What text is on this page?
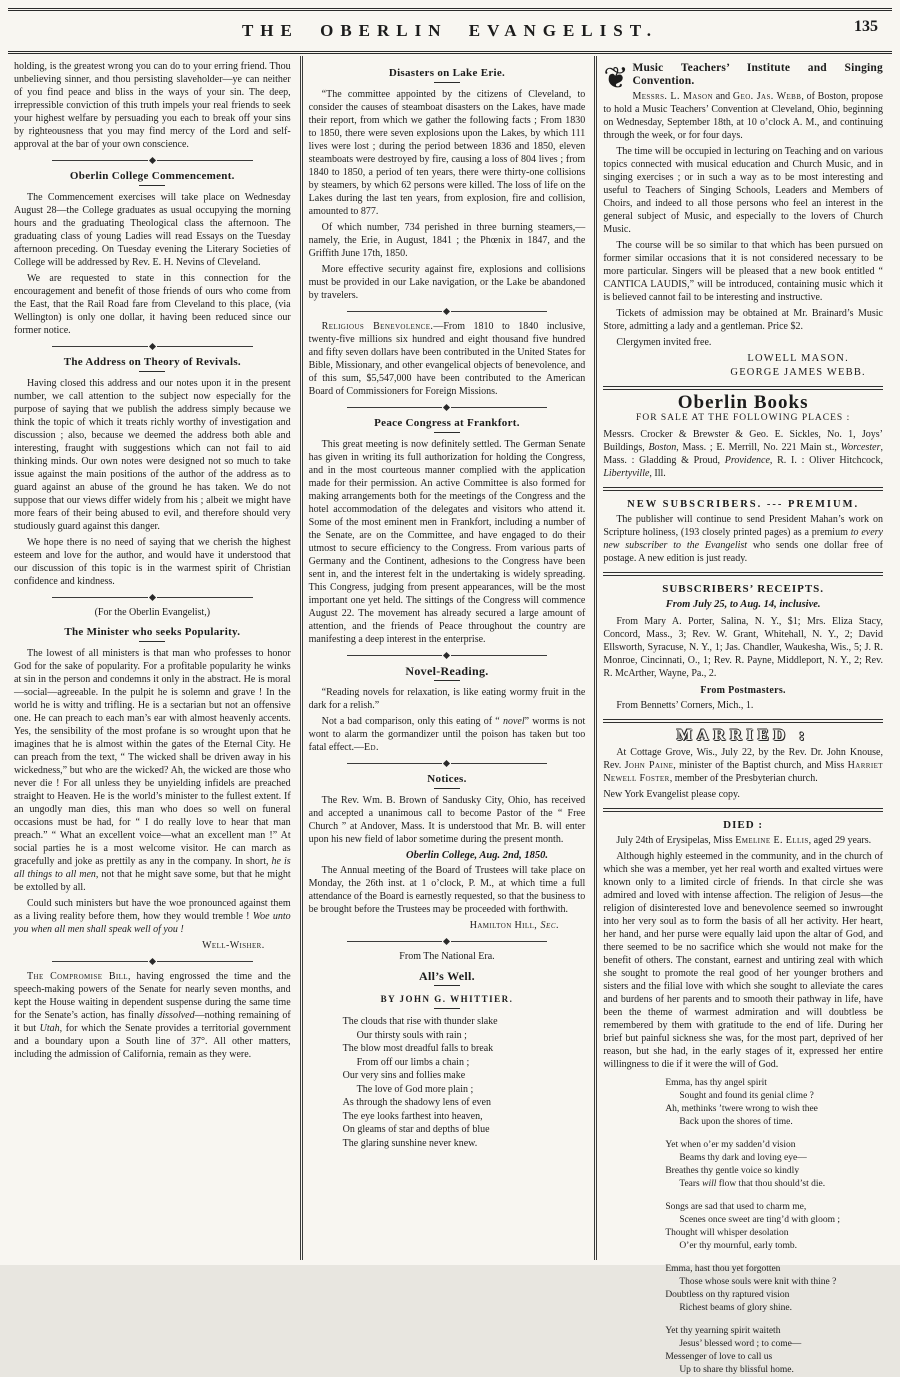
THE OBERLIN EVANGELIST.	135

holding, is the greatest wrong you can do to your erring friend. Thou unbelieving sinner, and thou persisting slaveholder—ye can neither of you find peace and bliss in the ways of your sin. The deep, irrepressible conviction of this truth impels your real friends to seek your highest welfare by persuading you each to break off your sins by righteousness that you may find mercy of the Lord and self-approval at the bar of your own conscience.

Oberlin College Commencement.

The Commencement exercises will take place on Wednesday August 28—the College graduates as usual occupying the morning hours and the graduating Theological class the afternoon. The graduating class of young Ladies will read Essays on the Tuesday afternoon preceding. On Tuesday evening the Literary Societies of College will be addressed by Rev. E. H. Nevins of Cleveland.

We are requested to state in this connection for the encouragement and benefit of those friends of ours who come from the East, that the Rail Road fare from Cleveland to this place, (via Wellington) is only one dollar, it having been reduced since our former notice.

The Address on Theory of Revivals.

Having closed this address and our notes upon it in the present number, we call attention to the subject now especially for the purpose of saying that we publish the address simply because we think the topic of which it treats richly worthy of investigation and discussion ; also, because we deemed the address both able and interesting, fraught with suggestions which can not fail to aid thinking minds. Our own notes were designed not so much to take issue against the main positions of the author of the address as to guard against an abuse of the ground he has taken. We do not suppose that our views differ widely from his ; albeit we might have more fears of their being abused to evil, and therefore should very studiously guard against this danger.

We hope there is no need of saying that we cherish the highest esteem and love for the author, and would have it understood that our discussion of this topic is in the warmest spirit of Christian confidence and kindness.

(For the Oberlin Evangelist,)
The Minister who seeks Popularity.

The lowest of all ministers is that man who professes to honor God for the sake of popularity. For a profitable popularity he winks at sin in the person and condemns it only in the abstract. He is moral—social—agreeable. In the pulpit he is solemn and grave ! In the world he is witty and trifling. He is a sectarian but not an offensive one. He can preach to each man’s ear with almost heavenly accents. Yes, the sensibility of the most profane is so wrought upon that he imagines that he is almost within the gates of the Eternal City. He can preach from the text, “ The wicked shall be driven away in his wickedness,” but who are the wicked? Ah, the wicked are those who never die ! For all unless they be unyielding infidels are preached straight to Heaven. He is the world’s minister to the fullest extent. If an ungodly man dies, this man who does so well on funeral occasions must be had, for “ I do really love to hear that man preach.” “ What an excellent voice—what an excellent man !” At social parties he is a most welcome visitor. He can march as gracefully and joke as prettily as any in the company. In short, he is all things to all men, not that he might save some, but that he might be extolled by all.

Could such ministers but have the woe pronounced against them as a living reality before them, how they would tremble ! Woe unto you when all men shall speak well of you !

Well-Wisher.

The Compromise Bill, having engrossed the time and the speech-making powers of the Senate for nearly seven months, and kept the House waiting in dependent suspense during the same time for the Senate’s action, has finally dissolved—nothing remaining of it but Utah, for which the Senate provides a territorial government and a boundary upon a South line of 37°. All other matters, including the admission of California, remain as they were.

Disasters on Lake Erie.

“The committee appointed by the citizens of Cleveland, to consider the causes of steamboat disasters on the Lakes, have made their report, from which we gather the following facts ; From 1830 to 1850, there were seven explosions upon the Lakes, by which 111 lives were lost ; during the period between 1836 and 1850, eleven steamboats were destroyed by fire, causing a loss of 804 lives ; from 1840 to 1850, a period of ten years, there were thirty-one collisions by steamers, by which 62 persons were killed. The loss of life on the Lakes during the last ten years, from explosion, fire and collision, amounted to 877.

Of which number, 734 perished in three burning steamers,—namely, the Erie, in August, 1841 ; the Phœnix in 1847, and the Griffith June 17th, 1850.

More effective security against fire, explosions and collisions must be provided in our Lake navigation, or the Lake be abandoned by travelers.

Religious Benevolence.—From 1810 to 1840 inclusive, twenty-five millions six hundred and eight thousand five hundred and fifty seven dollars have been contributed in the United States for Bible, Missionary, and other evangelical objects of benevolence, and of this sum, $5,547,000 have been contributed to the American Board of Commissioners for Foreign Missions.

Peace Congress at Frankfort.

This great meeting is now definitely settled. The German Senate has given in writing its full authorization for holding the Congress, and in the most courteous manner complied with the application made for their permission. An active Committee is also formed for making arrangements both for the meetings of the Congress and the hotel accommodation of the delegates and visitors who attend it. Some of the most eminent men in Frankfort, including a number of the Senate, are on the Committee, and have engaged to do their utmost to secure efficiency to the Congress. From various parts of Germany and the Continent, adhesions to the Congress have been sent in, and the interest felt in the undertaking is widely spreading. This Congress, judging from present appearances, will be the most important one yet held. The sittings of the Congress will commence August 22. The movement has already secured a large amount of attention, and the friends of Peace throughout the country are manifesting a deep interest in the enterprise.

Novel-Reading.

“Reading novels for relaxation, is like eating wormy fruit in the dark for a relish.”

Not a bad comparison, only this eating of “ novel” worms is not wont to alarm the gormandizer until the poison has taken but too fatal effect.—Ed.

Notices.

The Rev. Wm. B. Brown of Sandusky City, Ohio, has received and accepted a unanimous call to become Pastor of the “ Free Church ” at Andover, Mass. It is understood that Mr. B. will enter upon his new field of labor sometime during the present month.

Oberlin College, Aug. 2nd, 1850.

The Annual meeting of the Board of Trustees will take place on Monday, the 26th inst. at 1 o’clock, P. M., at which time a full attendance of the Board is earnestly requested, so that the business to be brought before the Trustees may be proceeded with forthwith.

Hamilton Hill, Sec.

From The National Era.
All’s Well.
BY JOHN G. WHITTIER.
The clouds that rise with thunder slake
Our thirsty souls with rain ;
The blow most dreadful falls to break
From off our limbs a chain ;
Our very sins and follies make
The love of God more plain ;
As through the shadowy lens of even
The eye looks farthest into heaven,
On gleams of star and depths of blue
The glaring sunshine never knew.
❦ Music Teachers’ Institute and Singing Convention.

Messrs. L. Mason and Geo. Jas. Webb, of Boston, propose to hold a Music Teachers’ Convention at Cleveland, Ohio, beginning on Wednesday, September 18th, at 10 o’clock A. M., and continuing through the week, or for four days.

The time will be occupied in lecturing on Teaching and on various topics connected with musical education and Church Music, and in singing exercises ; or in such a way as to be most interesting and useful to Teachers of Singing Schools, Leaders and Members of Choirs, and indeed to all those persons who feel an interest in the general subject of Music, and especially to the lovers of Church Music.

The course will be so similar to that which has been pursued on former similar occasions that it is not considered necessary to be more particular. Singers will be pleased that a new book entitled “ CANTICA LAUDIS,” will be introduced, containing music which it is believed cannot fail to be interesting and instructive.

Tickets of admission may be obtained at Mr. Brainard’s Music Store, admitting a lady and a gentleman. Price $2.

Clergymen invited free.

LOWELL MASON.

GEORGE JAMES WEBB.

Oberlin Books
FOR SALE AT THE FOLLOWING PLACES :

Messrs. Crocker & Brewster & Geo. E. Sickles, No. 1, Joys’ Buildings, Boston, Mass. ; E. Merrill, No. 221 Main st., Worcester, Mass. : Gladding & Proud, Providence, R. I. : Oliver Hitchcock, Libertyville, Ill.

NEW SUBSCRIBERS. --- PREMIUM.

The publisher will continue to send President Mahan’s work on Scripture holiness, (193 closely printed pages) as a premium to every new subscriber to the Evangelist who sends one dollar free of postage. A new edition is just ready.

SUBSCRIBERS’ RECEIPTS.
From July 25, to Aug. 14, inclusive.

From Mary A. Porter, Salina, N. Y., $1; Mrs. Eliza Stacy, Concord, Mass., 3; Rev. W. Grant, Whitehall, N. Y., 2; David Ellsworth, Syracuse, N. Y., 1; Jas. Chandler, Waukesha, Wis., 5; J. R. Monroe, Cincinnati, O., 1; Rev. R. Payne, Middleport, N. Y., 2; Rev. R. McArther, Wayne, Pa., 2.

From Postmasters.

From Bennetts’ Corners, Mich., 1.

MARRIED :

At Cottage Grove, Wis., July 22, by the Rev. Dr. John Knouse, Rev. John Paine, minister of the Baptist church, and Miss Harriet Newell Foster, member of the Presbyterian church.

New York Evangelist please copy.

DIED :

July 24th of Erysipelas, Miss Emeline E. Ellis, aged 29 years.

Although highly esteemed in the community, and in the church of which she was a member, yet her real worth and exalted virtues were known only to a limited circle of friends. In that circle she was admired and loved with intense affection. The religion of Jesus—the religion of disinterested love and benevolence seemed so inwrought into her very soul as to form the basis of all her activity. Her heart, her hand, and her purse were equally laid upon the altar of God, and there seemed to be no sacrifice which she would not make for the benefit of others. The constant, earnest and untiring zeal with which she sought to promote the real good of her younger brothers and sisters and the filial love with which she sought to alleviate the cares and burdens of her parents and to smooth their pathway in life, have been the theme of warmest admiration and will doubtless be remembered by them with gratitude to the end of life. During her brief but painful sickness she was, for the most part, deprived of her reason, but she had, in the early stages of it, expressed her entire willingness to die if it were the will of God.

Emma, has thy angel spirit
Sought and found its genial clime ?
Ah, methinks ’twere wrong to wish thee
Back upon the shores of time.
Yet when o’er my sadden’d vision
Beams thy dark and loving eye—
Breathes thy gentle voice so kindly
Tears will flow that thou should’st die.
Songs are sad that used to charm me,
Scenes once sweet are ting’d with gloom ;
Thought will whisper desolation
O’er thy mournful, early tomb.
Emma, hast thou yet forgotten
Those whose souls were knit with thine ?
Doubtless on thy raptured vision
Richest beams of glory shine.
Yet thy yearning spirit waiteth
Jesus’ blessed word ; to come—
Messenger of love to call us
Up to share thy blissful home.
